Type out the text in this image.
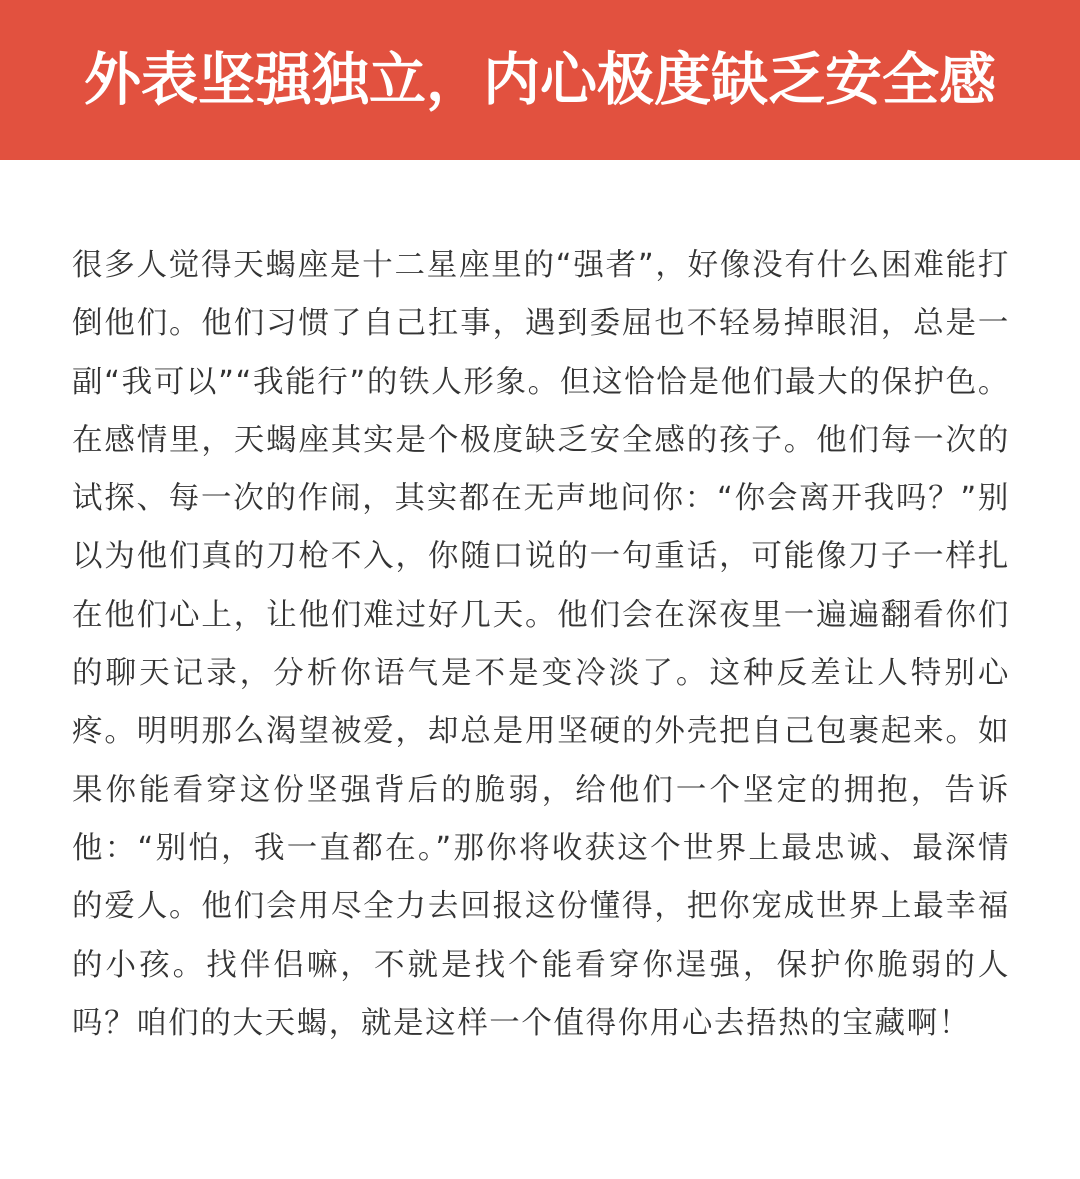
外表坚强独立，内心极度缺乏安全感

很多人觉得天蝎座是十二星座里的“强者”，好像没有什么困难能打倒他们。他们习惯了自己扛事，遇到委屈也不轻易掉眼泪，总是一副“我可以”“我能行”的铁人形象。但这恰恰是他们最大的保护色。在感情里，天蝎座其实是个极度缺乏安全感的孩子。他们每一次的试探、每一次的作闹，其实都在无声地问你：“你会离开我吗？”别以为他们真的刀枪不入，你随口说的一句重话，可能像刀子一样扎在他们心上，让他们难过好几天。他们会在深夜里一遍遍翻看你们的聊天记录，分析你语气是不是变冷淡了。这种反差让人特别心疼。明明那么渴望被爱，却总是用坚硬的外壳把自己包裹起来。如果你能看穿这份坚强背后的脆弱，给他们一个坚定的拥抱，告诉他：“别怕，我一直都在。”那你将收获这个世界上最忠诚、最深情的爱人。他们会用尽全力去回报这份懂得，把你宠成世界上最幸福的小孩。找伴侣嘛，不就是找个能看穿你逞强，保护你脆弱的人吗？咱们的大天蝎，就是这样一个值得你用心去捂热的宝藏啊！
